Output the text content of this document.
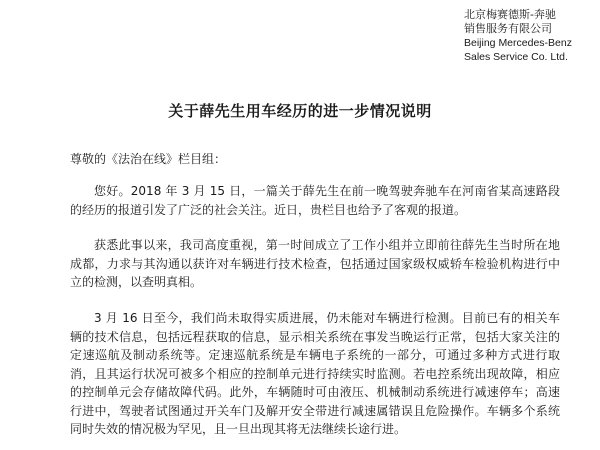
北京梅赛德斯-奔驰
销售服务有限公司
Beijing Mercedes-Benz
Sales Service Co. Ltd.
关于薛先生用车经历的进一步情况说明
尊敬的《法治在线》栏目组：
您好。2018 年 3 月 15 日，一篇关于薛先生在前一晚驾驶奔驰车在河南省某高速路段的经历的报道引发了广泛的社会关注。近日，贵栏目也给予了客观的报道。
获悉此事以来，我司高度重视，第一时间成立了工作小组并立即前往薛先生当时所在地成都，力求与其沟通以获许对车辆进行技术检查，包括通过国家级权威轿车检验机构进行中立的检测，以查明真相。
3 月 16 日至今，我们尚未取得实质进展，仍未能对车辆进行检测。目前已有的相关车辆的技术信息，包括远程获取的信息，显示相关系统在事发当晚运行正常，包括大家关注的定速巡航及制动系统等。定速巡航系统是车辆电子系统的一部分，可通过多种方式进行取消，且其运行状况可被多个相应的控制单元进行持续实时监测。若电控系统出现故障，相应的控制单元会存储故障代码。此外，车辆随时可由液压、机械制动系统进行减速停车；高速行进中，驾驶者试图通过开关车门及解开安全带进行减速属错误且危险操作。车辆多个系统同时失效的情况极为罕见，且一旦出现其将无法继续长途行进。
